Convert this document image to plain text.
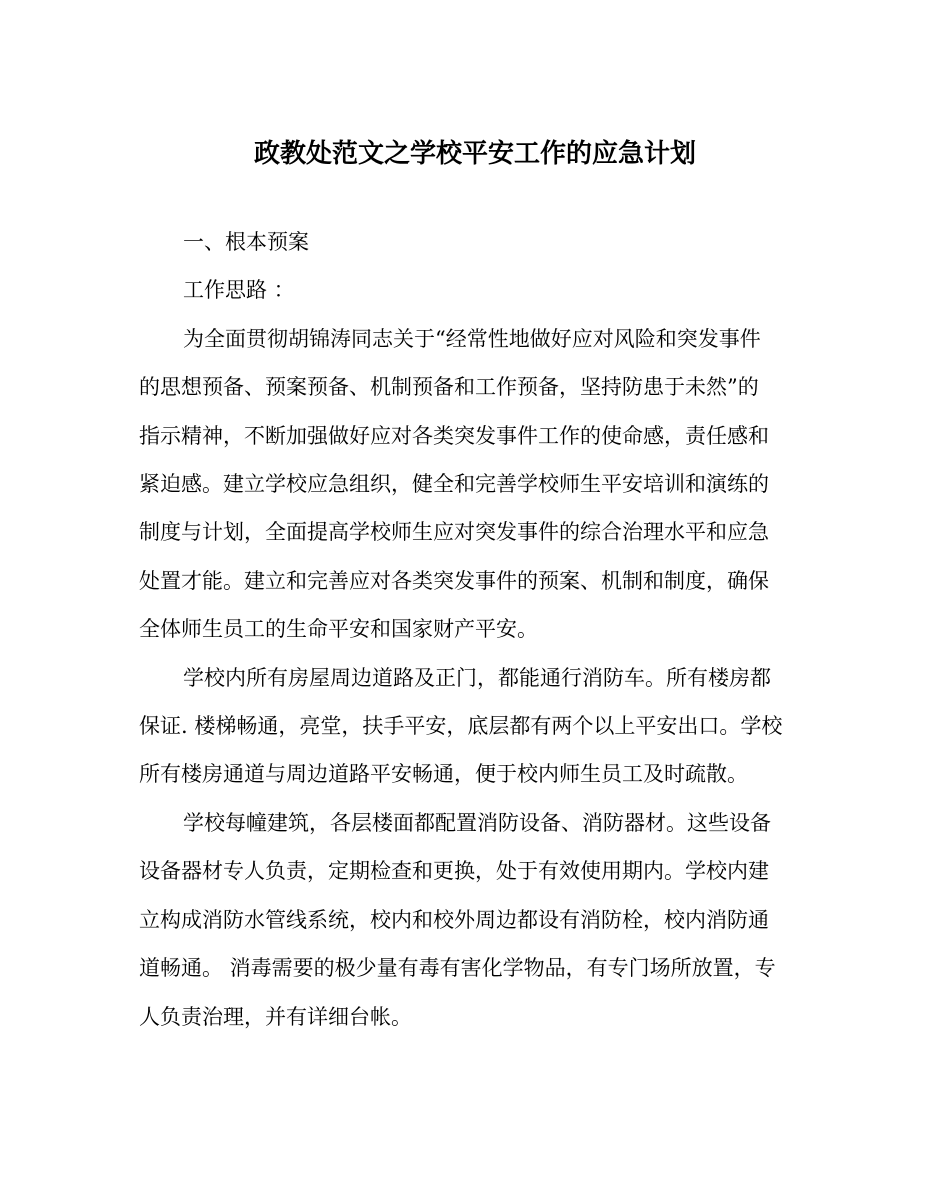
政教处范文之学校平安工作的应急计划

一、根本预案

工作思路 ：

为全面贯彻胡锦涛同志关于“经常性地做好应对风险和突发事件
的思想预备、预案预备、机制预备和工作预备，坚持防患于未然”的
指示精神，不断加强做好应对各类突发事件工作的使命感，责任感和
紧迫感。建立学校应急组织，健全和完善学校师生平安培训和演练的
制度与计划，全面提高学校师生应对突发事件的综合治理水平和应急
处置才能。建立和完善应对各类突发事件的预案、机制和制度，确保
全体师生员工的生命平安和国家财产平安。

学校内所有房屋周边道路及正门，都能通行消防车。所有楼房都
保证. 楼梯畅通，亮堂，扶手平安，底层都有两个以上平安出口。学校
所有楼房通道与周边道路平安畅通，便于校内师生员工及时疏散。

学校每幢建筑，各层楼面都配置消防设备、消防器材。这些设备
设备器材专人负责，定期检查和更换，处于有效使用期内。学校内建
立构成消防水管线系统，校内和校外周边都设有消防栓，校内消防通
道畅通。 消毒需要的极少量有毒有害化学物品，有专门场所放置，专
人负责治理，并有详细台帐。
